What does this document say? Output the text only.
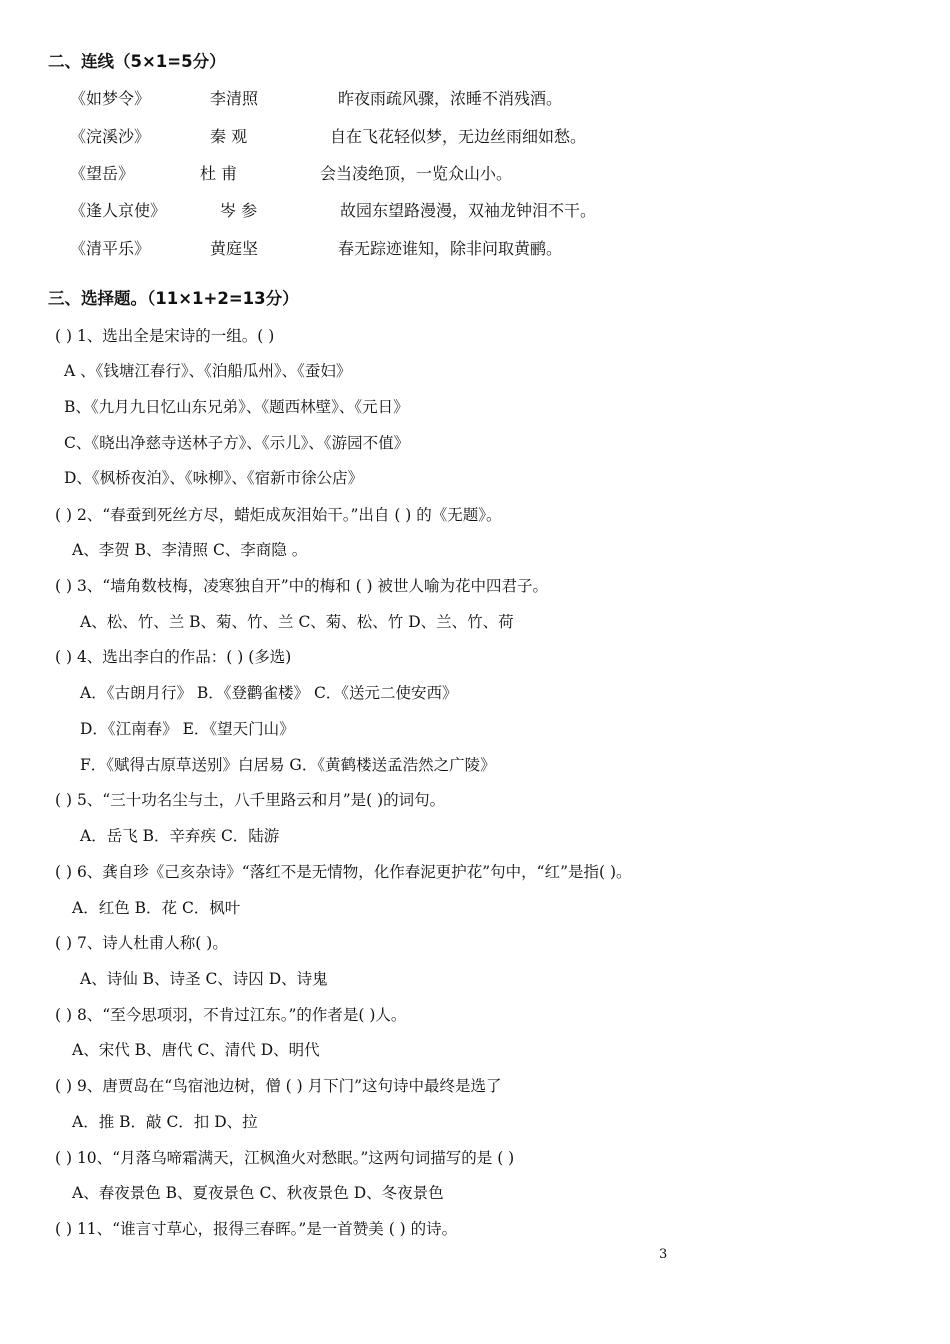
二、连线（5×1=5分）
《如梦令》	李清照	昨夜雨疏风骤，浓睡不消残酒。
《浣溪沙》	秦 观	自在飞花轻似梦，无边丝雨细如愁。
《望岳》	杜 甫	会当凌绝顶，一览众山小。
《逢人京使》	岑 参	故园东望路漫漫，双袖龙钟泪不干。
《清平乐》	黄庭坚	春无踪迹谁知，除非问取黄鹂。
三、选择题。（11×1+2=13分）
( ) 1、选出全是宋诗的一组。( )
A 、《钱塘江春行》、《泊船瓜州》、《蚕妇》
B、《九月九日忆山东兄弟》、《题西林壁》、《元日》
C、《晓出净慈寺送林子方》、《示儿》、《游园不值》
D、《枫桥夜泊》、《咏柳》、《宿新市徐公店》
( ) 2、“春蚕到死丝方尽，蜡炬成灰泪始干。”出自 ( ) 的《无题》。
A、李贺 B、李清照 C、李商隐 。
( ) 3、“墙角数枝梅，凌寒独自开”中的梅和 ( ) 被世人喻为花中四君子。
A、松、竹、兰 B、菊、竹、兰 C、菊、松、竹 D、兰、竹、荷
( ) 4、选出李白的作品：( ) (多选)
A．《古朗月行》 B．《登鹳雀楼》 C．《送元二使安西》
D．《江南春》 E．《望天门山》
F．《赋得古原草送别》白居易 G．《黄鹤楼送孟浩然之广陵》
( ) 5、“三十功名尘与土，八千里路云和月”是( )的词句。
A．岳飞 B．辛弃疾 C．陆游
( ) 6、龚自珍《己亥杂诗》“落红不是无情物，化作春泥更护花”句中，“红”是指( )。
A．红色 B．花 C．枫叶
( ) 7、诗人杜甫人称( )。
A、诗仙 B、诗圣 C、诗囚 D、诗鬼
( ) 8、“至今思项羽，不肯过江东。”的作者是( )人。
A、宋代 B、唐代 C、清代 D、明代
( ) 9、唐贾岛在“鸟宿池边树，僧 ( ) 月下门”这句诗中最终是选了
A．推 B．敲 C．扣 D、拉
( ) 10、“月落乌啼霜满天，江枫渔火对愁眠。”这两句词描写的是 ( )
A、春夜景色 B、夏夜景色 C、秋夜景色 D、冬夜景色
( ) 11、“谁言寸草心，报得三春晖。”是一首赞美 ( ) 的诗。
3
